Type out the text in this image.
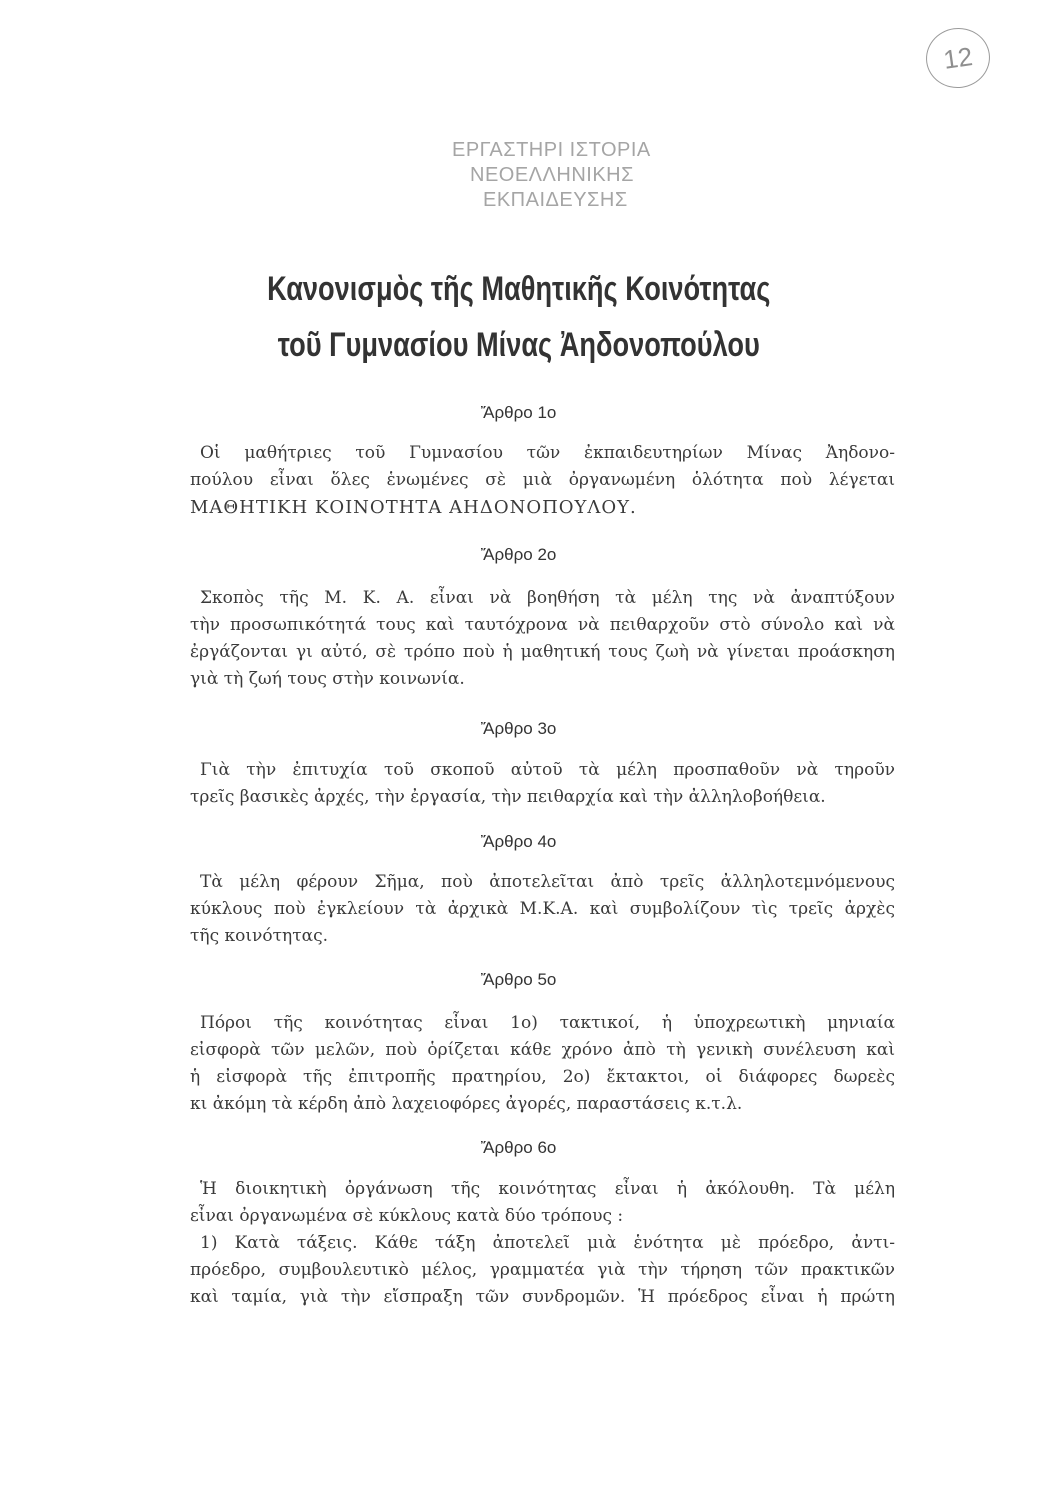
12
ΕΡΓΑΣΤΗΡΙ ΙΣΤΟΡΙΑ
ΝΕΟΕΛΛΗΝΙΚΗΣ
ΕΚΠΑΙΔΕΥΣΗΣ
Κανονισμὸς τῆς Μαθητικῆς Κοινότητας
τοῦ Γυμνασίου Μίνας Ἀηδονοπούλου
Ἄρθρο 1ο
Οἱ μαθήτριες τοῦ Γυμνασίου τῶν ἐκπαιδευτηρίων Μίνας Ἀηδονο-
πούλου εἶναι ὅλες ἑνωμένες σὲ μιὰ ὀργανωμένη ὁλότητα ποὺ λέγεται
ΜΑΘΗΤΙΚΗ ΚΟΙΝΟΤΗΤΑ ΑΗΔΟΝΟΠΟΥΛΟΥ.
Ἄρθρο 2ο
Σκοπὸς τῆς Μ. Κ. Α. εἶναι νὰ βοηθήση τὰ μέλη της νὰ ἀναπτύξουν
τὴν προσωπικότητά τους καὶ ταυτόχρονα νὰ πειθαρχοῦν στὸ σύνολο καὶ νὰ
ἐργάζονται γι αὐτό, σὲ τρόπο ποὺ ἡ μαθητική τους ζωὴ νὰ γίνεται προάσκηση
γιὰ τὴ ζωή τους στὴν κοινωνία.
Ἄρθρο 3ο
Γιὰ τὴν ἐπιτυχία τοῦ σκοποῦ αὐτοῦ τὰ μέλη προσπαθοῦν νὰ τηροῦν
τρεῖς βασικὲς ἀρχές, τὴν ἐργασία, τὴν πειθαρχία καὶ τὴν ἀλληλοβοήθεια.
Ἄρθρο 4ο
Τὰ μέλη φέρουν Σῆμα, ποὺ ἀποτελεῖται ἀπὸ τρεῖς ἀλληλοτεμνόμενους
κύκλους ποὺ ἐγκλείουν τὰ ἀρχικὰ Μ.Κ.Α. καὶ συμβολίζουν τὶς τρεῖς ἀρχὲς
τῆς κοινότητας.
Ἄρθρο 5ο
Πόροι τῆς κοινότητας εἶναι 1ο) τακτικοί, ἡ ὑποχρεωτικὴ μηνιαία
εἰσφορὰ τῶν μελῶν, ποὺ ὁρίζεται κάθε χρόνο ἀπὸ τὴ γενικὴ συνέλευση καὶ
ἡ εἰσφορὰ τῆς ἐπιτροπῆς πρατηρίου, 2ο) ἔκτακτοι, οἱ διάφορες δωρεὲς
κι ἀκόμη τὰ κέρδη ἀπὸ λαχειοφόρες ἀγορές, παραστάσεις κ.τ.λ.
Ἄρθρο 6ο
Ἡ διοικητικὴ ὀργάνωση τῆς κοινότητας εἶναι ἡ ἀκόλουθη. Τὰ μέλη
εἶναι ὀργανωμένα σὲ κύκλους κατὰ δύο τρόπους :
1) Κατὰ τάξεις. Κάθε τάξη ἀποτελεῖ μιὰ ἑνότητα μὲ πρόεδρο, ἀντι-
πρόεδρο, συμβουλευτικὸ μέλος, γραμματέα γιὰ τὴν τήρηση τῶν πρακτικῶν
καὶ ταμία, γιὰ τὴν εἴσπραξη τῶν συνδρομῶν. Ἡ πρόεδρος εἶναι ἡ πρώτη
